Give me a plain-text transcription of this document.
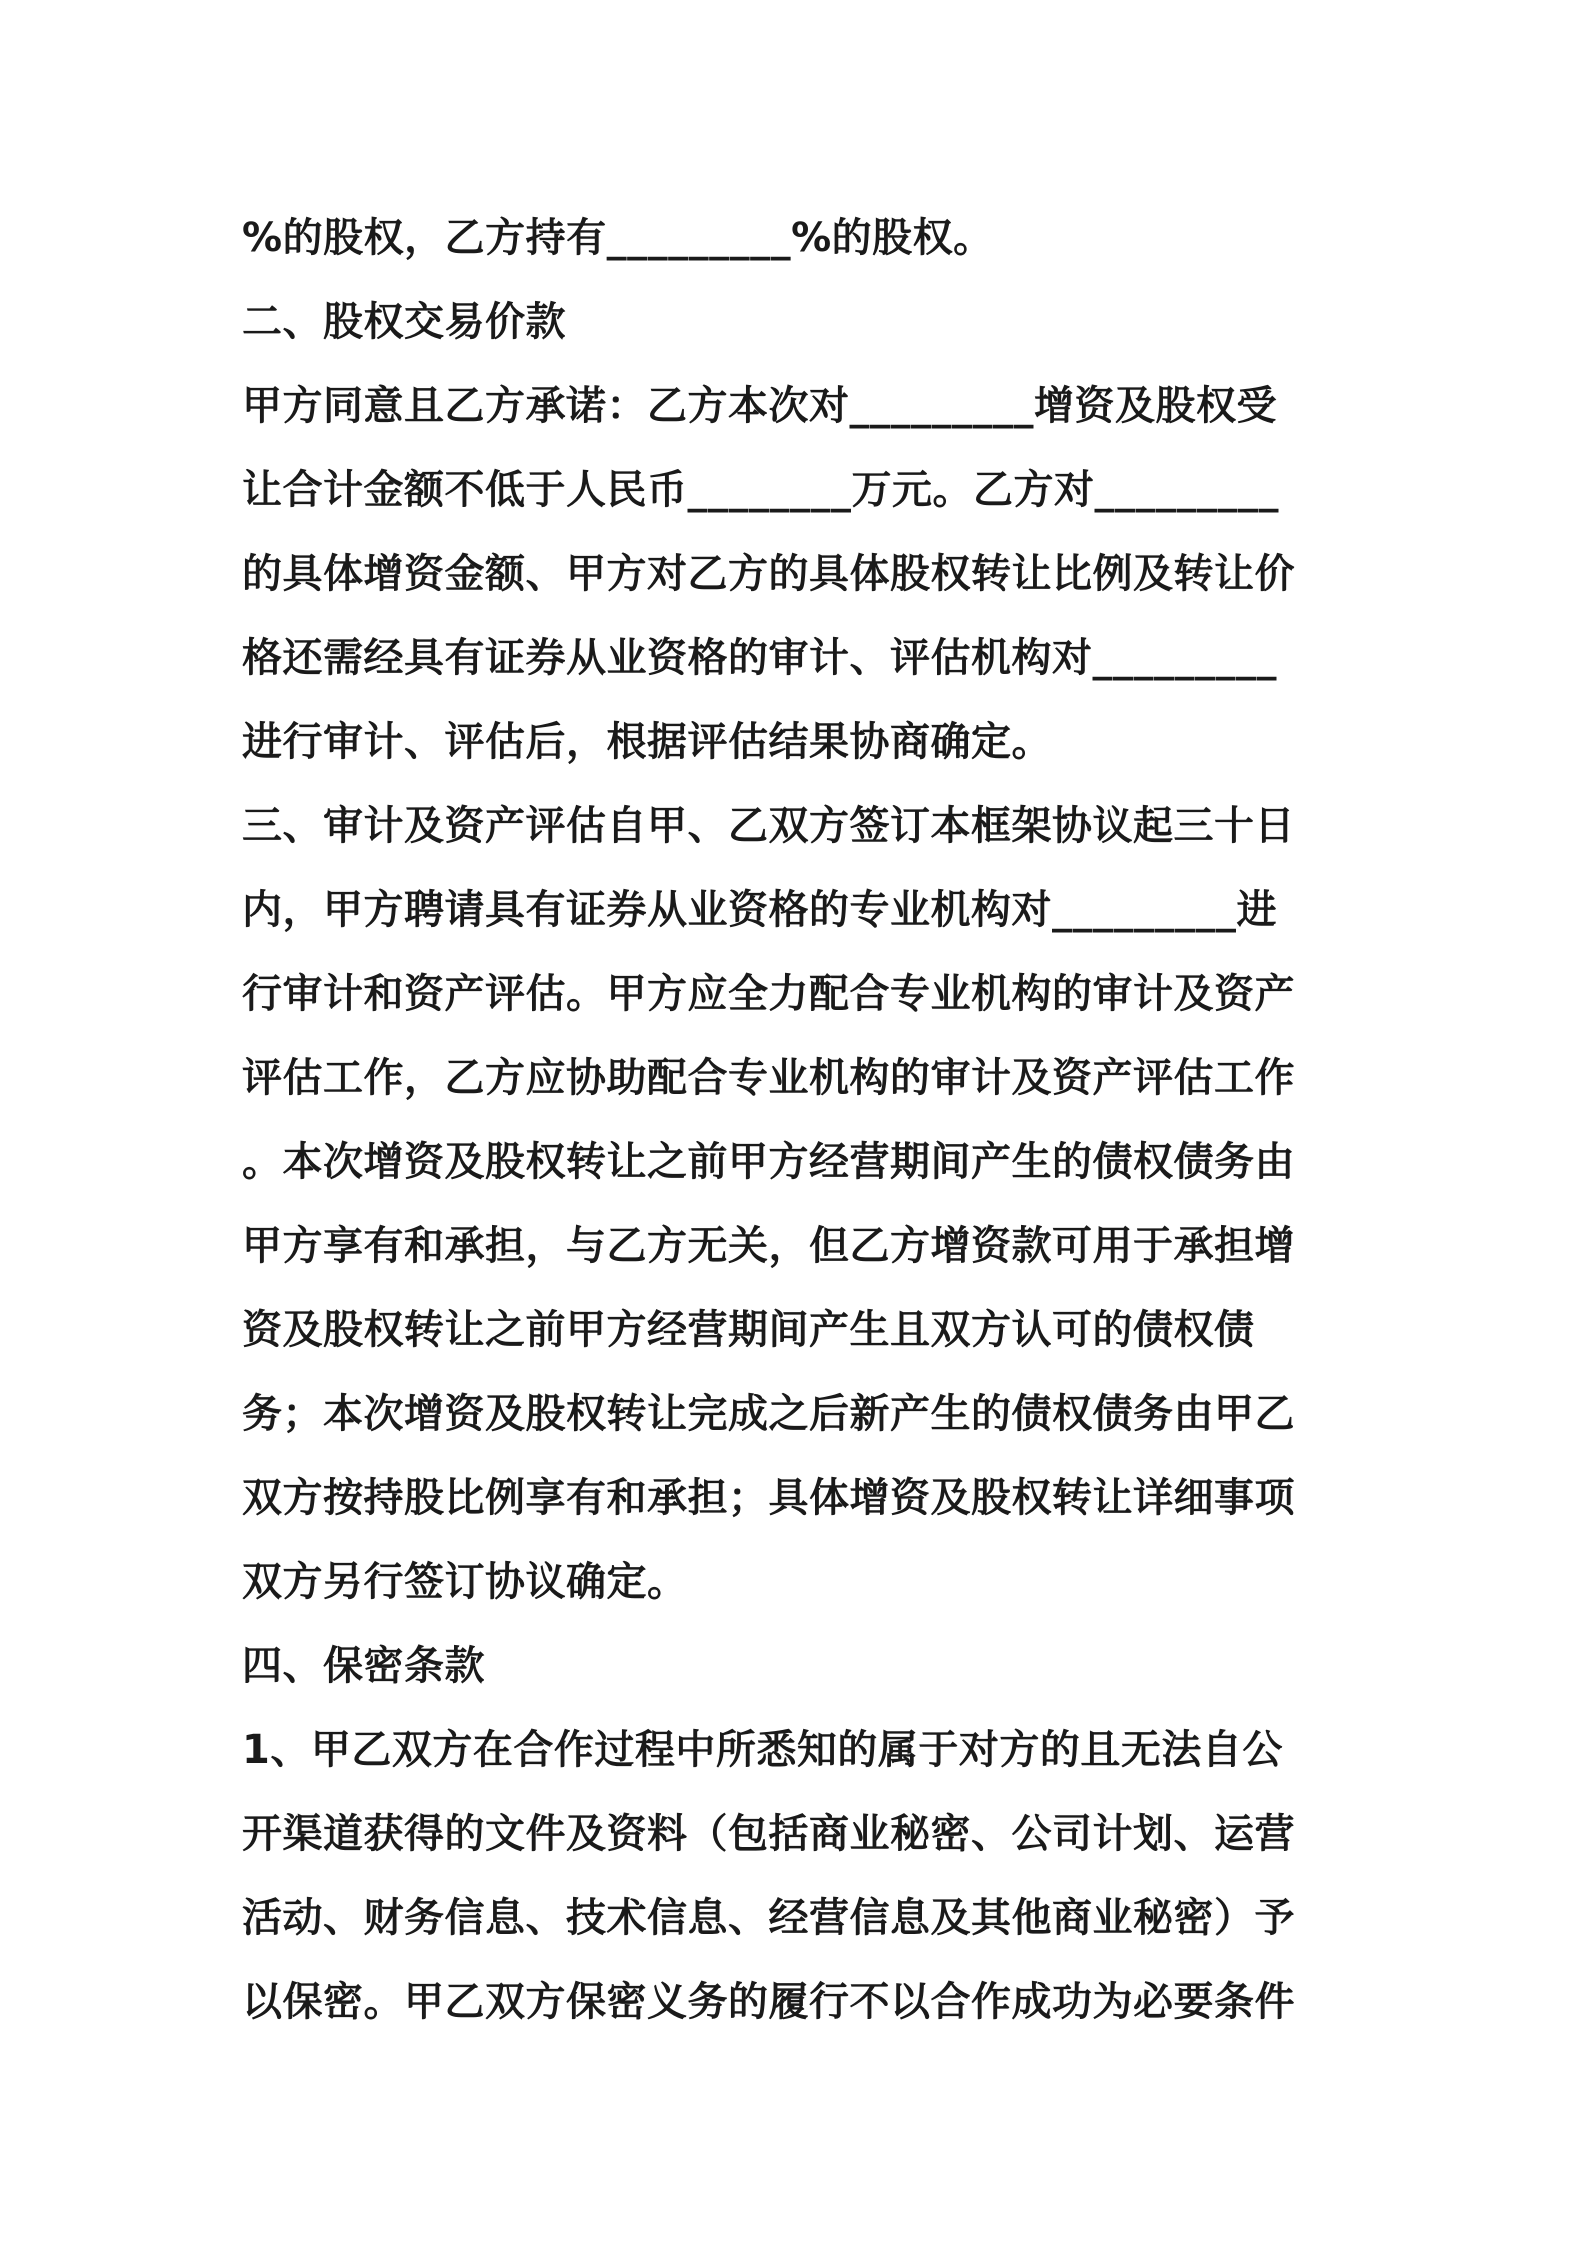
%的股权，乙方持有_________%的股权。
二、股权交易价款
甲方同意且乙方承诺：乙方本次对_________增资及股权受
让合计金额不低于人民币________万元。乙方对_________
的具体增资金额、甲方对乙方的具体股权转让比例及转让价
格还需经具有证券从业资格的审计、评估机构对_________
进行审计、评估后，根据评估结果协商确定。
三、审计及资产评估自甲、乙双方签订本框架协议起三十日
内，甲方聘请具有证券从业资格的专业机构对_________进
行审计和资产评估。甲方应全力配合专业机构的审计及资产
评估工作，乙方应协助配合专业机构的审计及资产评估工作
。本次增资及股权转让之前甲方经营期间产生的债权债务由
甲方享有和承担，与乙方无关，但乙方增资款可用于承担增
资及股权转让之前甲方经营期间产生且双方认可的债权债
务；本次增资及股权转让完成之后新产生的债权债务由甲乙
双方按持股比例享有和承担；具体增资及股权转让详细事项
双方另行签订协议确定。
四、保密条款
1、甲乙双方在合作过程中所悉知的属于对方的且无法自公
开渠道获得的文件及资料（包括商业秘密、公司计划、运营
活动、财务信息、技术信息、经营信息及其他商业秘密）予
以保密。甲乙双方保密义务的履行不以合作成功为必要条件
